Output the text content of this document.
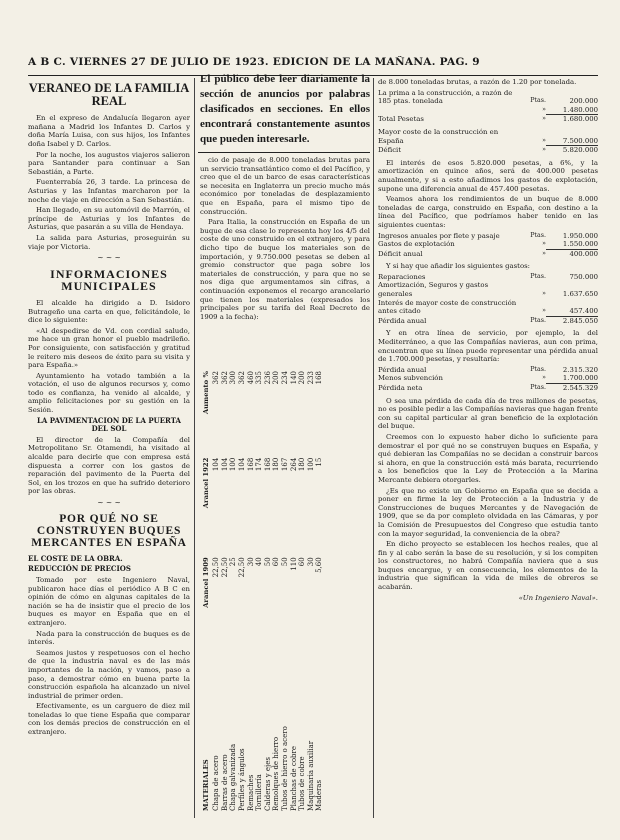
A B C. VIERNES 27 DE JULIO DE 1923. EDICION DE LA MAÑANA. PAG. 9
VERANEO DE LA FAMILIA REAL

En el expreso de Andalucía llegaron ayer mañana a Madrid los Infantes D. Carlos y doña María Luisa, con sus hijos, los Infantes doña Isabel y D. Carlos.

Por la noche, los augustos viajeros salieron para Santander para continuar a San Sebastián, a Parte.

Fuenterrabía 26, 3 tarde. La princesa de Asturias y las Infantas marcharon por la noche de viaje en dirección a San Sebastián.

Han llegado, en su automóvil de Marrón, el príncipe de Asturias y los Infantes de Asturias, que pasarán a su villa de Hendaya.

La salida para Asturias, proseguirán su viaje por Victoria.

~ ~ ~
INFORMACIONES MUNICIPALES

El alcalde ha dirigido a D. Isidoro Butrageño una carta en que, felicitándole, le dice lo siguiente:

«Al despedirse de Vd. con cordial saludo, me hace un gran honor el pueblo madrileño. Por consiguiente, con satisfacción y gratitud le reitero mis deseos de éxito para su visita y para España.»

Ayuntamiento ha votado también a la votación, el uso de algunos recursos y, como todo es confianza, ha venido al alcalde, y amplio felicitaciones por su gestión en la Sesión.

LA PAVIMENTACION DE LA PUERTA DEL SOL

El director de la Compañía del Metropolitano Sr. Otamendi, ha visitado al alcalde para decirle que con empresa está dispuesta a correr con los gastos de reparación del pavimento de la Puerta del Sol, en los trozos en que ha sufrido deterioro por las obras.

~ ~ ~
POR QUÉ NO SE CONSTRUYEN BUQUES MERCANTES EN ESPAÑA
EL COSTE DE LA OBRA.
REDUCCIÓN DE PRECIOS

Tomado por este Ingeniero Naval, publicaron hace días el periódico A B C en opinión de cómo en algunas capitales de la nación se ha de insistir que el precio de los buques es mayor en España que en el extranjero.

Nada para la construcción de buques es de interés.

Seamos justos y respetuosos con el hecho de que la industria naval es de las más importantes de la nación, y vamos, paso a paso, a demostrar cómo en buena parte la construcción española ha alcanzado un nivel industrial de primer orden.

Efectivamente, es un carguero de diez mil toneladas lo que tiene España que comparar con los demás precios de construcción en el extranjero.

El público debe leer diariamente la sección de anuncios por palabras clasificados en secciones. En ellos encontrará constantemente asuntos que pueden interesarle.

cio de pasaje de 8.000 toneladas brutas para un servicio transatlántico como el del Pacífico, y creo que el de un barco de esas características se necesita en Inglaterra un precio mucho más económico por toneladas de desplazamiento que en España, para el mismo tipo de construcción.

Para Italia, la construcción en España de un buque de esa clase lo representa hoy los 4/5 del coste de uno construido en el extranjero, y para dicho tipo de buque los materiales son de importación, y 9.750.000 pesetas se deben al gremio constructor que paga sobre los materiales de construcción, y para que no se nos diga que argumentamos sin cifras, a continuación exponemos el recargo arancelario que tienen los materiales (expresados los principales por su tarifa del Real Decreto de 1909 a la fecha):

MATERIALES	Arancel 1909	Arancel 1922	Aumento %
Chapa de acero	22,50	104	362
Barras de acero	22,50	104	362
Chapa galvanizada	25	100	300
Perfiles y ángulos	22,50	104	362
Remaches	30	168	460
Tornillería	40	174	335
Calderas y ejes	50	168	236
Remolques de hierro	60	180	200
Tubos de hierro o acero	50	167	234
Planchas de cobre	110	264	140
Tubos de cobre	60	180	200
Maquinaria auxiliar	30	100	233
Maderas	5,60	15	168

de 8.000 toneladas brutas, a razón de 1.20 por tonelada.

La prima a la construcción, a razón de 185 ptas. tonelada	Ptas.	200.000
»	1.480.000
Total Pesetas	»	1.680.000
Mayor coste de la construcción en España	»	7.500.000
Déficit	»	5.820.000

El interés de esos 5.820.000 pesetas, a 6%, y la amortización en quince años, será de 400.000 pesetas anualmente, y si a esto añadimos los gastos de explotación, supone una diferencia anual de 457.400 pesetas.

Veamos ahora los rendimientos de un buque de 8.000 toneladas de carga, construido en España, con destino a la línea del Pacífico, que podríamos haber tenido en las siguientes cuentas:

Ingresos anuales por flete y pasaje	Ptas.	1.950.000
Gastos de explotación	»	1.550.000
Déficit anual	»	400.000

Y si hay que añadir los siguientes gastos:

Reparaciones	Ptas.	750.000
Amortización, Seguros y gastos generales	»	1.637.650
Interés de mayor coste de construcción antes citado	»	457.400
Pérdida anual	Ptas.	2.845.050

Y en otra línea de servicio, por ejemplo, la del Mediterráneo, a que las Compañías navieras, aun con prima, encuentran que su línea puede representar una pérdida anual de 1.700.000 pesetas, y resultaría:

Pérdida anual	Ptas.	2.315.320
Menos subvención	»	1.700.000
Pérdida neta	Ptas.	2.545.329

O sea una pérdida de cada día de tres millones de pesetas, no es posible pedir a las Compañías navieras que hagan frente con su capital particular al gran beneficio de la explotación del buque.

Creemos con lo expuesto haber dicho lo suficiente para demostrar el por qué no se construyen buques en España, y qué debieran las Compañías no se decidan a construir barcos si ahora, en que la construcción está más barata, recurriendo a los beneficios que la Ley de Protección a la Marina Mercante debiera otorgarles.

¿Es que no existe un Gobierno en España que se decida a poner en firme la ley de Protección a la Industria y de Construcciones de buques Mercantes y de Navegación de 1909, que se da por completo olvidada en las Cámaras, y por la Comisión de Presupuestos del Congreso que estudia tanto con la mayor seguridad, la conveniencia de la obra?

En dicho proyecto se establecen los hechos reales, que al fin y al cabo serán la base de su resolución, y si los compiten los constructores, no habrá Compañía naviera que a sus buques encargue, y en consecuencia, los elementos de la industria que significan la vida de miles de obreros se acabarán.

«Un Ingeniero Naval».
